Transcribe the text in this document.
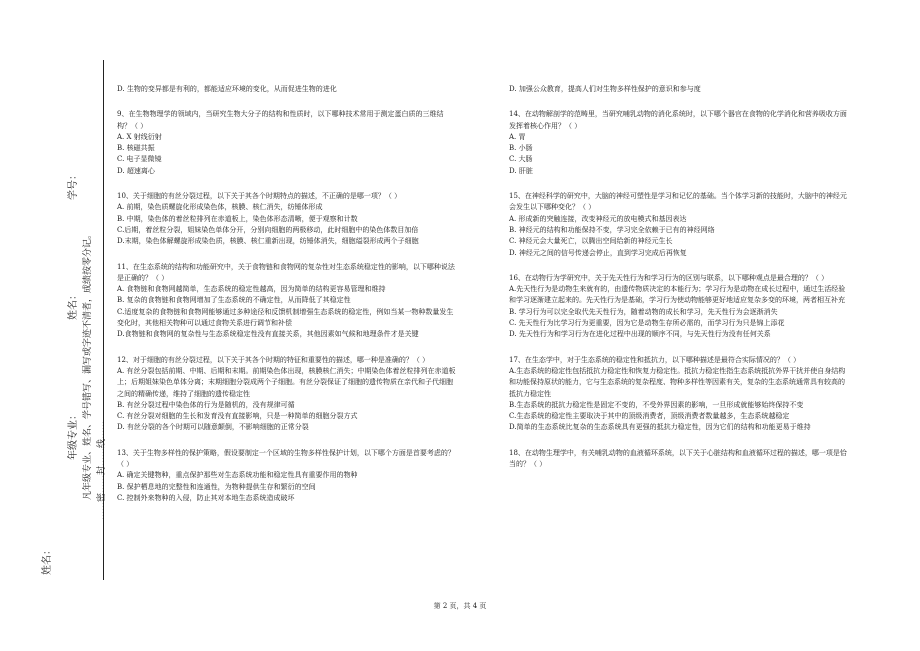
学号：
姓名：
年级专业： 凡年级专业、姓名、学号错写、漏写或字迹不清者，成绩按零分记。 ……密……封……线……
姓名：

D. 生物的变异都是有利的，都能适应环境的变化，从而促进生物的进化

9、在生物物理学的领域内，当研究生物大分子的结构和性质时，以下哪种技术常用于测定蛋白质的三维结构？（ ）

A. X 射线衍射

B. 核磁共振

C. 电子显微镜

D. 超速离心

10、关于细胞的有丝分裂过程，以下关于其各个时期特点的描述，不正确的是哪一项？（ ）

A. 前期，染色质螺旋化形成染色体，核膜、核仁消失，纺锤体形成

B. 中期，染色体的着丝粒排列在赤道板上，染色体形态清晰，便于观察和计数

C.后期，着丝粒分裂，姐妹染色单体分开，分别向细胞的两极移动，此时细胞中的染色体数目加倍

D.末期，染色体解螺旋形成染色质，核膜、核仁重新出现，纺锤体消失，细胞缢裂形成两个子细胞

11、在生态系统的结构和功能研究中，关于食物链和食物网的复杂性对生态系统稳定性的影响，以下哪种说法是正确的？（ ）

A. 食物链和食物网越简单，生态系统的稳定性越高，因为简单的结构更容易管理和维持

B. 复杂的食物链和食物网增加了生态系统的不确定性，从而降低了其稳定性

C.适度复杂的食物链和食物网能够通过多种途径和反馈机制增强生态系统的稳定性，例如当某一物种数量发生变化时，其他相关物种可以通过食物关系进行调节和补偿

D.食物链和食物网的复杂性与生态系统稳定性没有直接关系，其他因素如气候和地理条件才是关键

12、对于细胞的有丝分裂过程，以下关于其各个时期的特征和重要性的描述，哪一种是准确的？（ ）

A. 有丝分裂包括前期、中期、后期和末期。前期染色体出现，核膜核仁消失；中期染色体着丝粒排列在赤道板上；后期姐妹染色单体分离；末期细胞分裂成两个子细胞。有丝分裂保证了细胞的遗传物质在亲代和子代细胞之间的精确传递，维持了细胞的遗传稳定性

B. 有丝分裂过程中染色体的行为是随机的，没有规律可循

C. 有丝分裂对细胞的生长和发育没有直接影响，只是一种简单的细胞分裂方式

D. 有丝分裂的各个时期可以随意颠倒，不影响细胞的正常分裂

13、关于生物多样性的保护策略，假设要制定一个区域的生物多样性保护计划，以下哪个方面是首要考虑的？（ ）

A. 确定关键物种，重点保护那些对生态系统功能和稳定性具有重要作用的物种

B. 保护栖息地的完整性和连通性，为物种提供生存和繁衍的空间

C. 控制外来物种的入侵，防止其对本地生态系统造成破坏

D. 加强公众教育，提高人们对生物多样性保护的意识和参与度

14、在动物解剖学的范畴里，当研究哺乳动物的消化系统时，以下哪个器官在食物的化学消化和营养吸收方面发挥着核心作用？（ ）

A. 胃

B. 小肠

C. 大肠

D. 肝脏

15、在神经科学的研究中，大脑的神经可塑性是学习和记忆的基础。当个体学习新的技能时，大脑中的神经元会发生以下哪种变化？（ ）

A. 形成新的突触连接，改变神经元的放电模式和基因表达

B. 神经元的结构和功能保持不变，学习完全依赖于已有的神经网络

C. 神经元会大量死亡，以腾出空间给新的神经元生长

D. 神经元之间的信号传递会停止，直到学习完成后再恢复

16、在动物行为学研究中，关于先天性行为和学习行为的区别与联系，以下哪种观点是最合理的？（ ）

A.先天性行为是动物生来就有的，由遗传物质决定的本能行为；学习行为是动物在成长过程中，通过生活经验和学习逐渐建立起来的。先天性行为是基础，学习行为使动物能够更好地适应复杂多变的环境，两者相互补充

B. 学习行为可以完全取代先天性行为，随着动物的成长和学习，先天性行为会逐渐消失

C. 先天性行为比学习行为更重要，因为它是动物生存所必需的，而学习行为只是锦上添花

D. 先天性行为和学习行为在进化过程中出现的顺序不同，与先天性行为没有任何关系

17、在生态学中，对于生态系统的稳定性和抵抗力，以下哪种描述是最符合实际情况的？（ ）

A.生态系统的稳定性包括抵抗力稳定性和恢复力稳定性。抵抗力稳定性指生态系统抵抗外界干扰并使自身结构和功能保持原状的能力，它与生态系统的复杂程度、物种多样性等因素有关，复杂的生态系统通常具有较高的抵抗力稳定性

B.生态系统的抵抗力稳定性是固定不变的，不受外界因素的影响，一旦形成就能够始终保持不变

C.生态系统的稳定性主要取决于其中的顶级消费者，顶级消费者数量越多，生态系统越稳定

D.简单的生态系统比复杂的生态系统具有更强的抵抗力稳定性，因为它们的结构和功能更易于维持

18、在动物生理学中，有关哺乳动物的血液循环系统，以下关于心脏结构和血液循环过程的描述，哪一项是恰当的？（ ）

第 2 页，共 4 页
